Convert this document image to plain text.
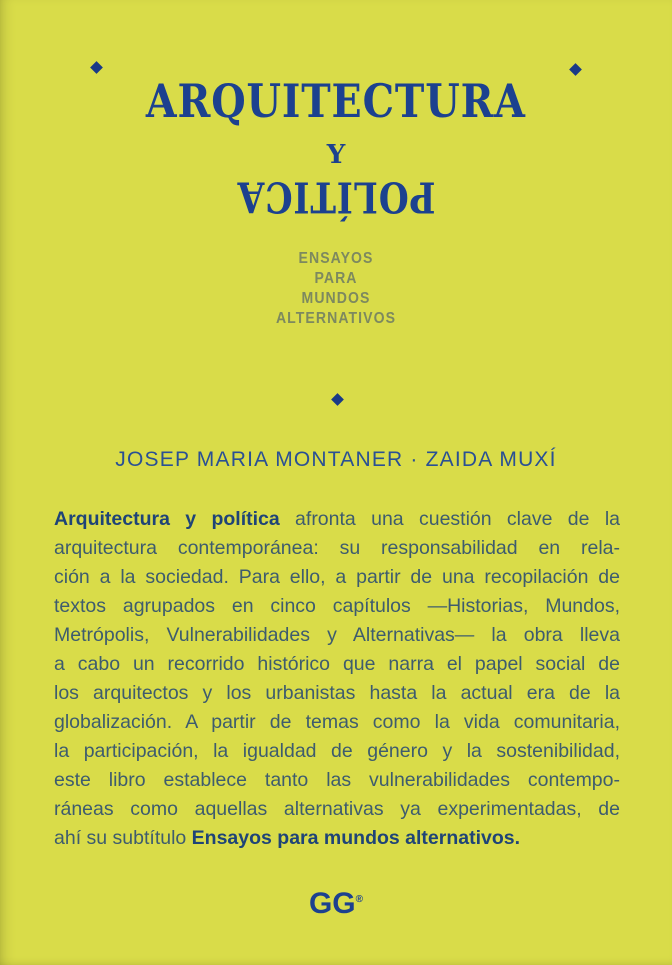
ARQUITECTURA
Y
POLÍTICA
ENSAYOS
PARA
MUNDOS
ALTERNATIVOS
JOSEP MARIA MONTANER · ZAIDA MUXÍ
Arquitectura y política afronta una cuestión clave de la
arquitectura contemporánea: su responsabilidad en rela-
ción a la sociedad. Para ello, a partir de una recopilación de
textos agrupados en cinco capítulos —Historias, Mundos,
Metrópolis, Vulnerabilidades y Alternativas— la obra lleva
a cabo un recorrido histórico que narra el papel social de
los arquitectos y los urbanistas hasta la actual era de la
globalización. A partir de temas como la vida comunitaria,
la participación, la igualdad de género y la sostenibilidad,
este libro establece tanto las vulnerabilidades contempo-
ráneas como aquellas alternativas ya experimentadas, de
ahí su subtítulo Ensayos para mundos alternativos.
GG®
